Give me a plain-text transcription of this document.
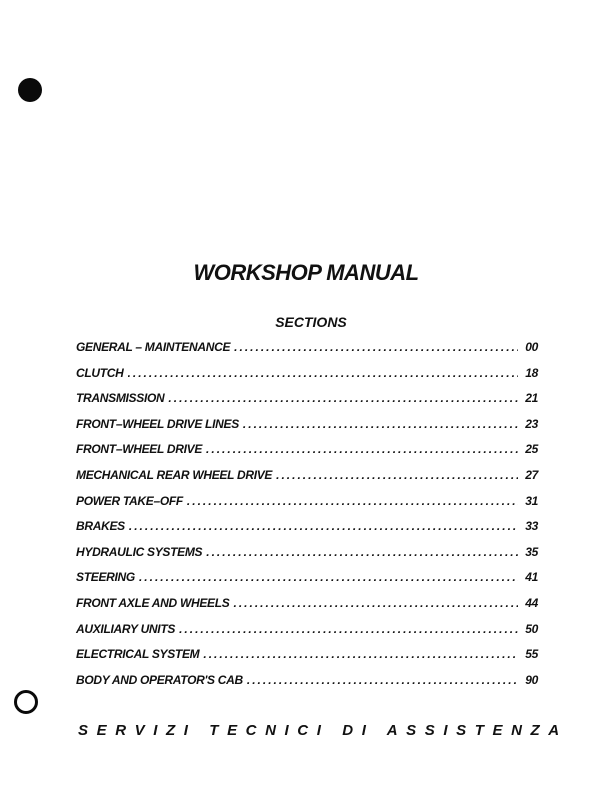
WORKSHOP MANUAL
SECTIONS
GENERAL – MAINTENANCE .....	00
CLUTCH .....	18
TRANSMISSION .....	21
FRONT–WHEEL DRIVE LINES .....	23
FRONT–WHEEL DRIVE .....	25
MECHANICAL REAR WHEEL DRIVE .....	27
POWER TAKE–OFF .....	31
BRAKES .....	33
HYDRAULIC SYSTEMS .....	35
STEERING .....	41
FRONT AXLE AND WHEELS .....	44
AUXILIARY UNITS .....	50
ELECTRICAL SYSTEM .....	55
BODY AND OPERATOR'S CAB .....	90
SERVIZI TECNICI DI ASSISTENZA
